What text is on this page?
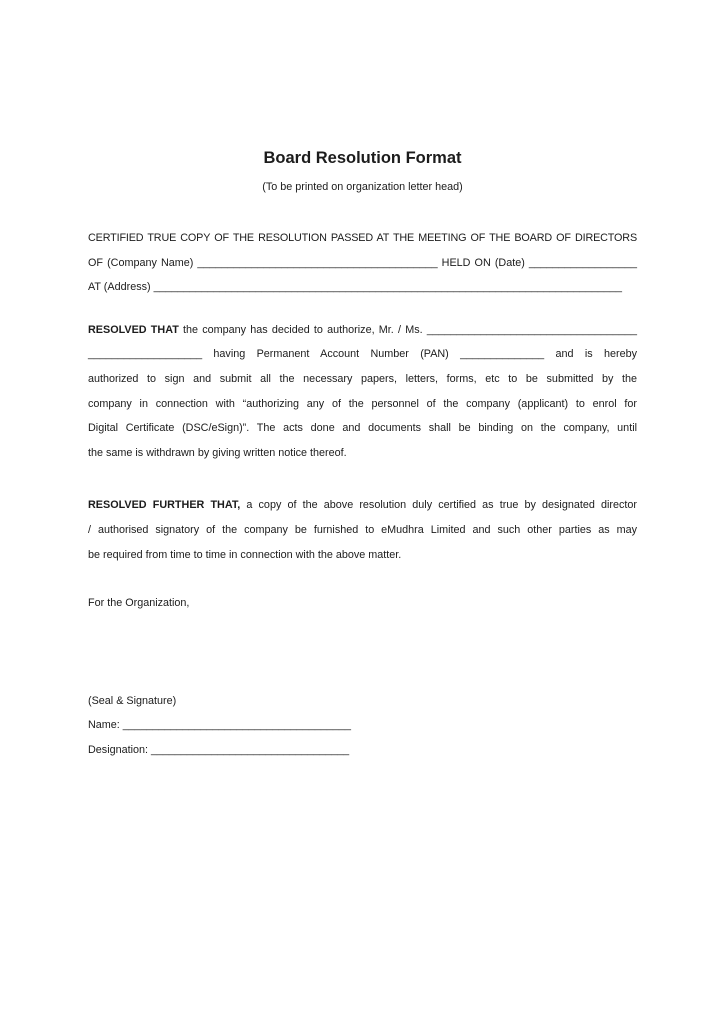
Board Resolution Format
(To be printed on organization letter head)
CERTIFIED TRUE COPY OF THE RESOLUTION PASSED AT THE MEETING OF THE BOARD OF DIRECTORS
OF (Company Name) ________________________________________ HELD ON (Date) __________________
AT (Address) ______________________________________________________________________________
RESOLVED THAT the company has decided to authorize, Mr. / Ms. ___________________________________
___________________ having Permanent Account Number (PAN) ______________ and is hereby
authorized to sign and submit all the necessary papers, letters, forms, etc to be submitted by the
company in connection with “authorizing any of the personnel of the company (applicant) to enrol for
Digital Certificate (DSC/eSign)”. The acts done and documents shall be binding on the company, until
the same is withdrawn by giving written notice thereof.
RESOLVED FURTHER THAT, a copy of the above resolution duly certified as true by designated director
/ authorised signatory of the company be furnished to eMudhra Limited and such other parties as may
be required from time to time in connection with the above matter.
For the Organization,
(Seal & Signature)
Name: ______________________________________
Designation: _________________________________
